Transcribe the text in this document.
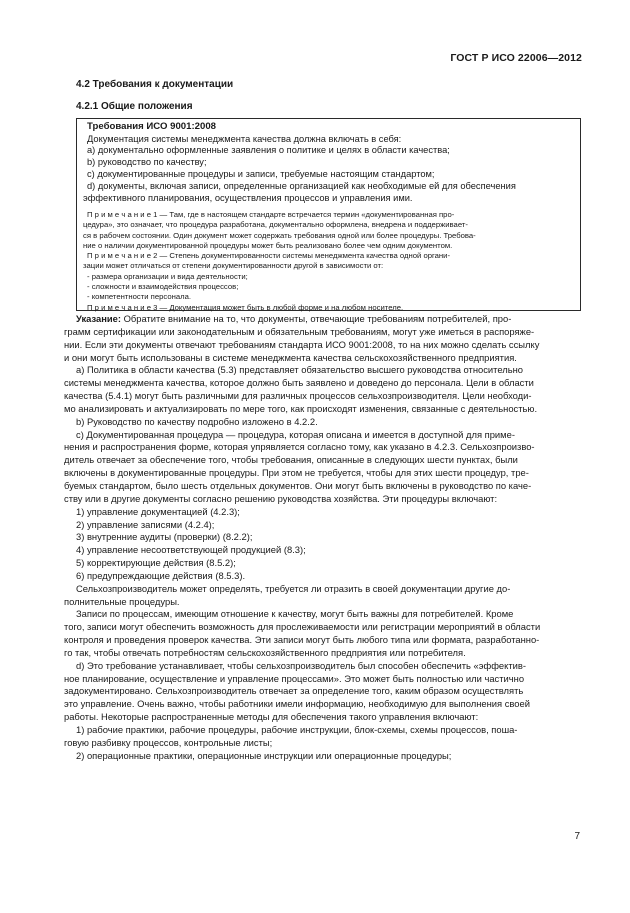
ГОСТ Р ИСО 22006—2012
4.2 Требования к документации
4.2.1 Общие положения
Требования ИСО 9001:2008
Документация системы менеджмента качества должна включать в себя:
a) документально оформленные заявления о политике и целях в области качества;
b) руководство по качеству;
c) документированные процедуры и записи, требуемые настоящим стандартом;
d) документы, включая записи, определенные организацией как необходимые ей для обеспечения
эффективного планирования, осуществления процессов и управления ими.
П р и м е ч а н и е 1 — Там, где в настоящем стандарте встречается термин «документированная про-
цедура», это означает, что процедура разработана, документально оформлена, внедрена и поддерживает-
ся в рабочем состоянии. Один документ может содержать требования одной или более процедуры. Требова-
ние о наличии документированной процедуры может быть реализовано более чем одним документом.
П р и м е ч а н и е 2 — Степень документированности системы менеджмента качества одной органи-
зации может отличаться от степени документированности другой в зависимости от:
- размера организации и вида деятельности;
- сложности и взаимодействия процессов;
- компетентности персонала.
П р и м е ч а н и е 3 — Документация может быть в любой форме и на любом носителе.
Указание: Обратите внимание на то, что документы, отвечающие требованиям потребителей, про-
грамм сертификации или законодательным и обязательным требованиям, могут уже иметься в распоряже-
нии. Если эти документы отвечают требованиям стандарта ИСО 9001:2008, то на них можно сделать ссылку
и они могут быть использованы в системе менеджмента качества сельскохозяйственного предприятия.
a) Политика в области качества (5.3) представляет обязательство высшего руководства относительно
системы менеджмента качества, которое должно быть заявлено и доведено до персонала. Цели в области
качества (5.4.1) могут быть различными для различных процессов сельхозпроизводителя. Цели необходи-
мо анализировать и актуализировать по мере того, как происходят изменения, связанные с деятельностью.
b) Руководство по качеству подробно изложено в 4.2.2.
c) Документированная процедура — процедура, которая описана и имеется в доступной для приме-
нения и распространения форме, которая упрявляется согласно тому, как указано в 4.2.3. Сельхозпроизво-
дитель отвечает за обеспечение того, чтобы требования, описанные в следующих шести пунктах, были
включены в документированные процедуры. При этом не требуется, чтобы для этих шести процедур, тре-
буемых стандартом, было шесть отдельных документов. Они могут быть включены в руководство по каче-
ству или в другие документы согласно решению руководства хозяйства. Эти процедуры включают:
1) управление документацией (4.2.3);
2) управление записями (4.2.4);
3) внутренние аудиты (проверки) (8.2.2);
4) управление несоответствующей продукцией (8.3);
5) корректирующие действия (8.5.2);
6) предупреждающие действия (8.5.3).
Сельхозпроизводитель может определять, требуется ли отразить в своей документации другие до-
полнительные процедуры.
Записи по процессам, имеющим отношение к качеству, могут быть важны для потребителей. Кроме
того, записи могут обеспечить возможность для прослеживаемости или регистрации мероприятий в области
контроля и проведения проверок качества. Эти записи могут быть любого типа или формата, разработанно-
го так, чтобы отвечать потребностям сельскохозяйственного предприятия или потребителя.
d) Это требование устанавливает, чтобы сельхозпроизводитель был способен обеспечить «эффектив-
ное планирование, осуществление и управление процессами». Это может быть полностью или частично
задокументировано. Сельхозпроизводитель отвечает за определение того, каким образом осуществлять
это управление. Очень важно, чтобы работники имели информацию, необходимую для выполнения своей
работы. Некоторые распространенные методы для обеспечения такого управления включают:
1) рабочие практики, рабочие процедуры, рабочие инструкции, блок-схемы, схемы процессов, поша-
говую разбивку процессов, контрольные листы;
2) операционные практики, операционные инструкции или операционные процедуры;
7
